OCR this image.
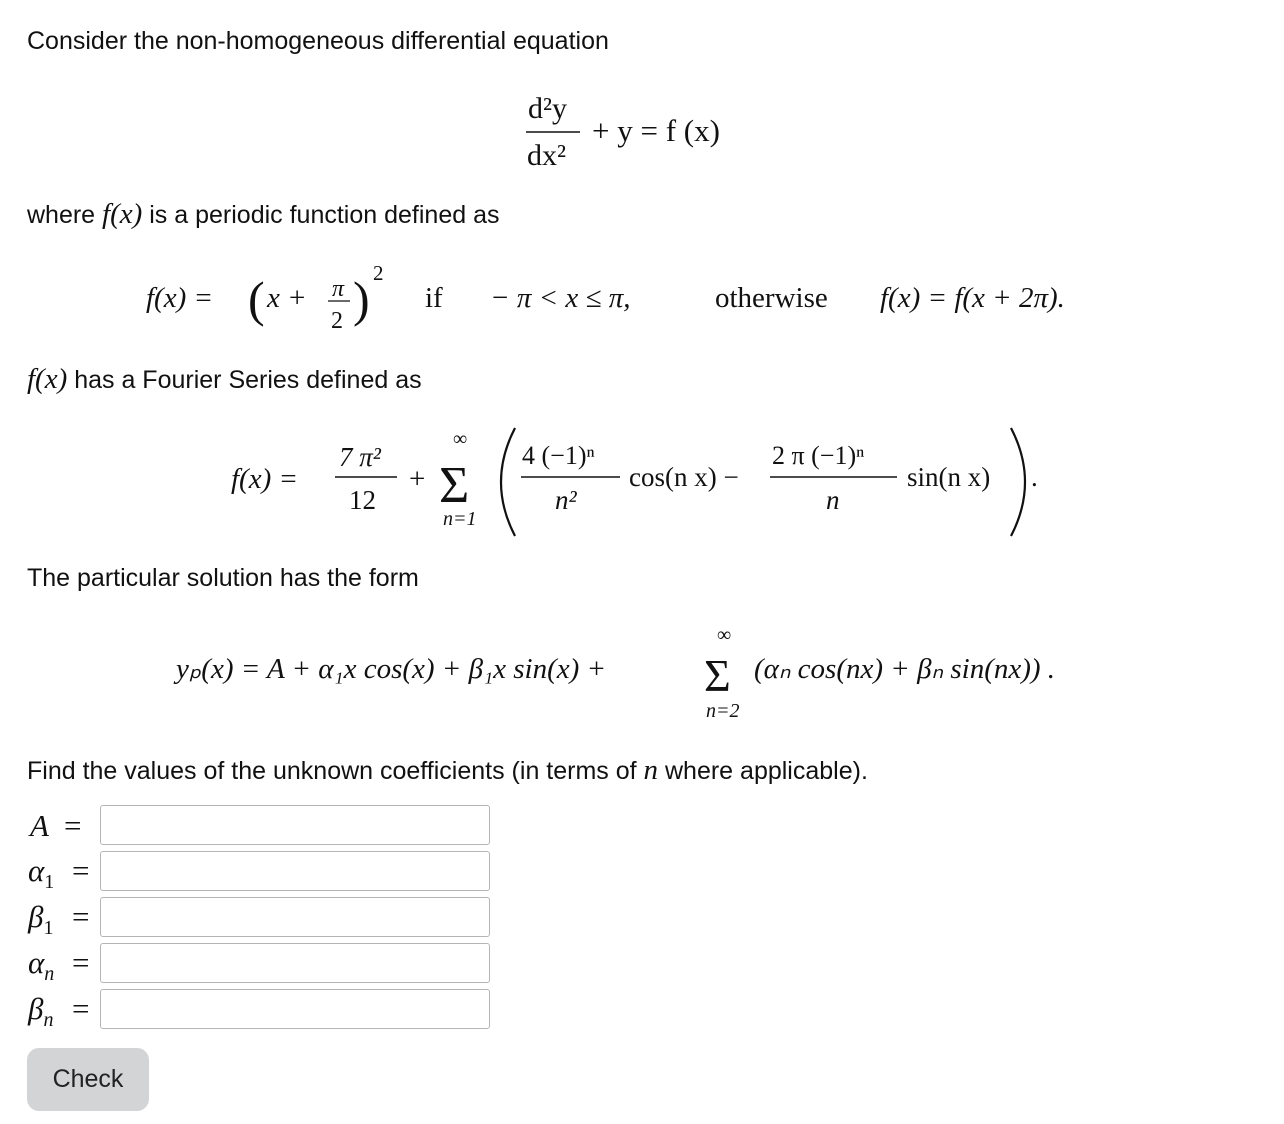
Consider the non-homogeneous differential equation
d²y
dx²
+ y = f (x)
where f(x) is a periodic function defined as
f(x) = ( x + π
2 ) 2
if − π < x ≤ π,	otherwise f(x) = f(x + 2π).
f(x) has a Fourier Series defined as
f(x) =
7 π²
12
+
∞
Σ
n=1
4 (−1)ⁿ
n²
cos(n x) −
2 π (−1)ⁿ
n
sin(n x) .
The particular solution has the form
yₚ(x) = A + α₁x cos(x) + β₁x sin(x) +
∞
Σ
n=2
(αₙ cos(nx) + βₙ sin(nx)) .
Find the values of the unknown coefficients (in terms of n where applicable).
A =
$\alpha_1$ =
$\beta_1$ =
$\alpha_n$ =
$\beta_n$ =
Check
